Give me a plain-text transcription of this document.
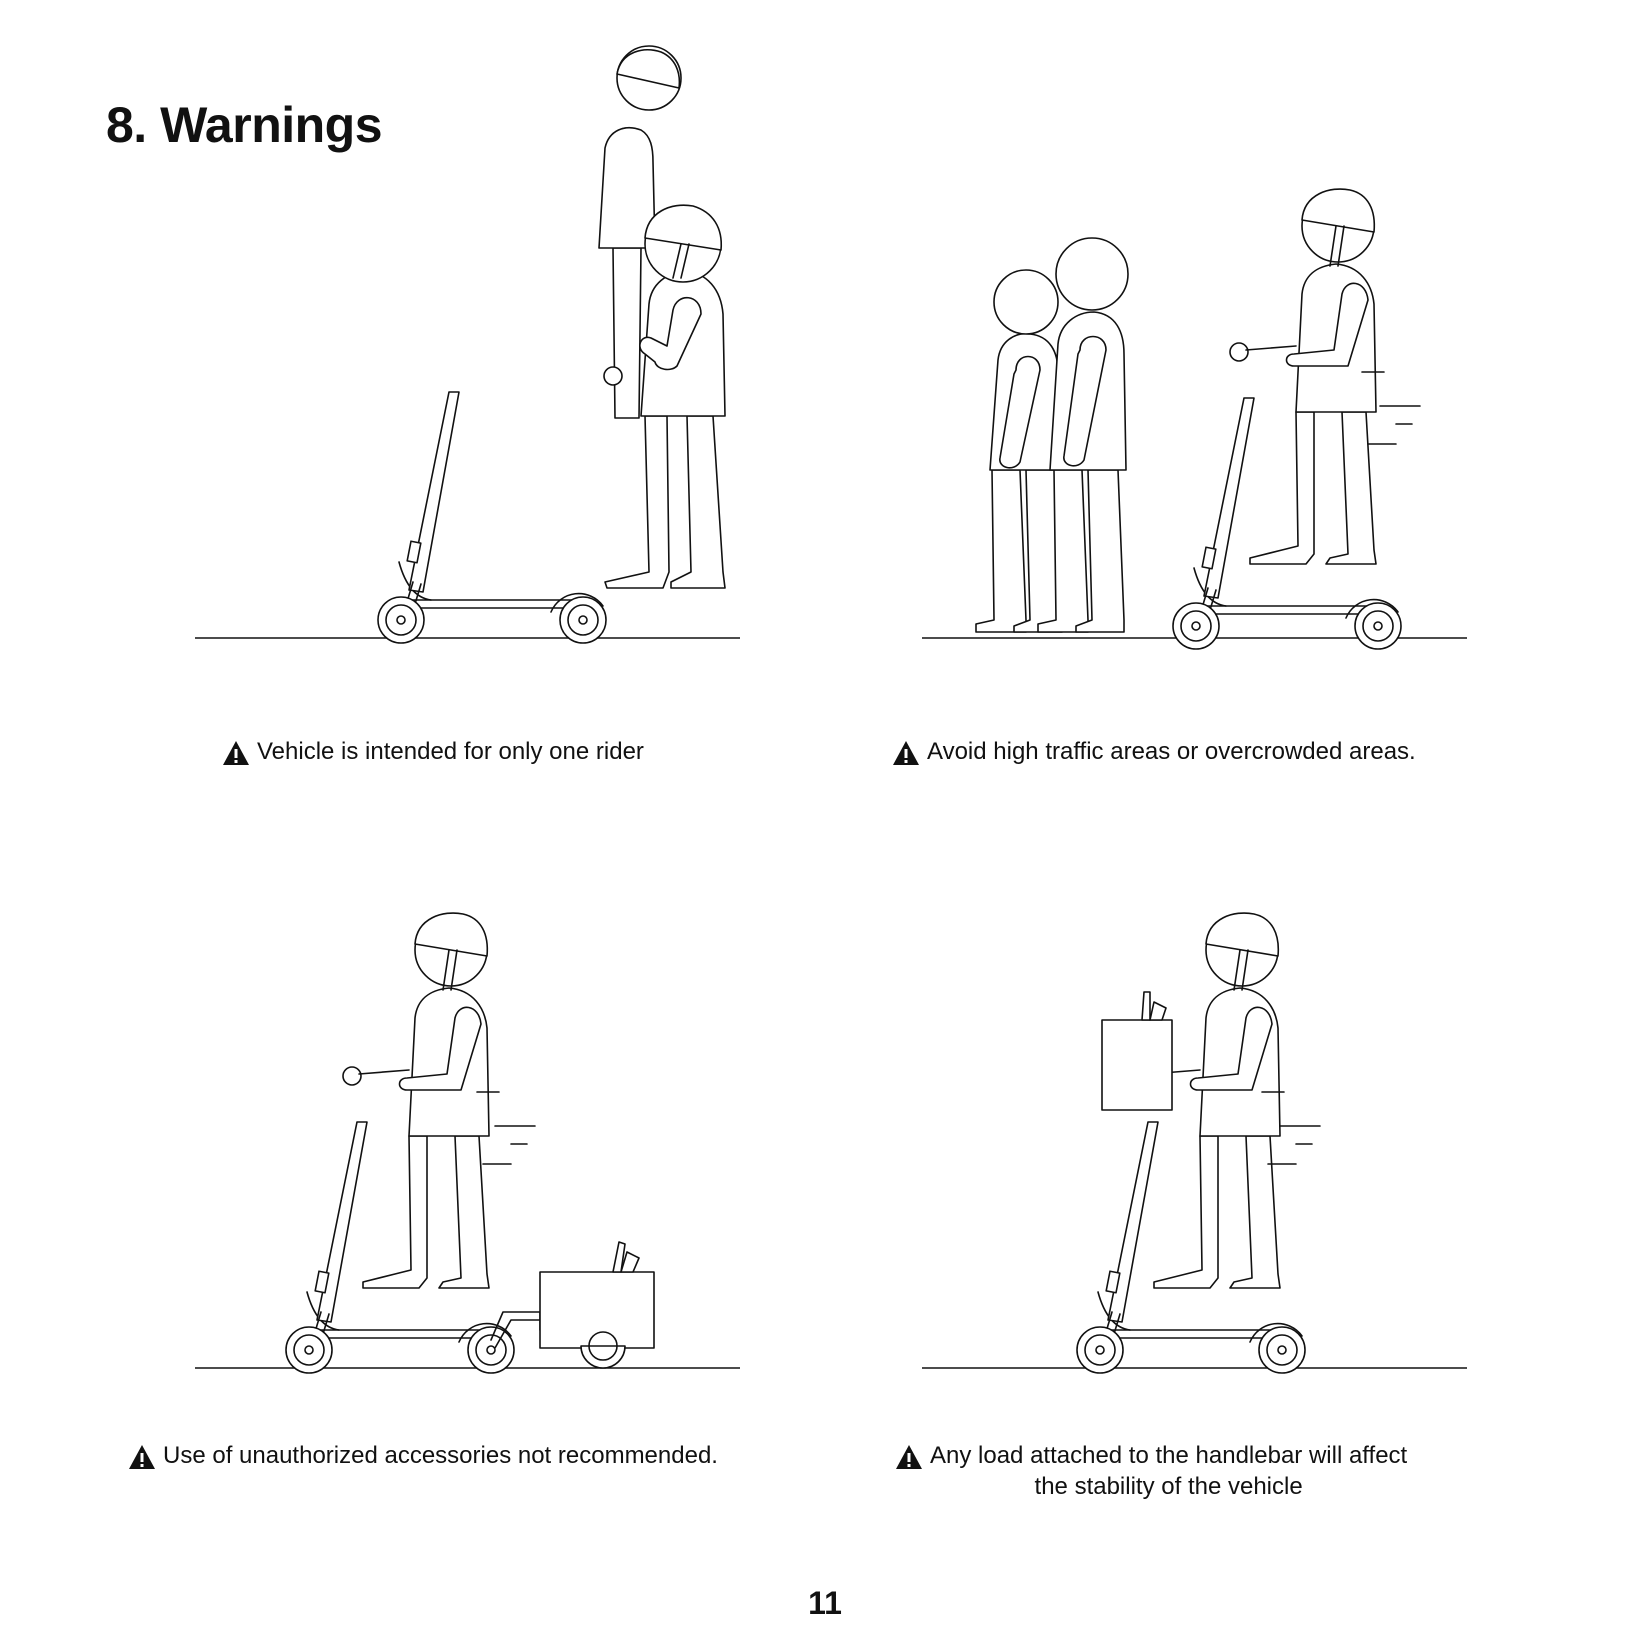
8. Warnings
Vehicle is intended for only one rider	Avoid high traffic areas or overcrowded areas.
Use of unauthorized accessories not recommended.	Any load attached to the handlebar will affect
the stability of the vehicle
11
